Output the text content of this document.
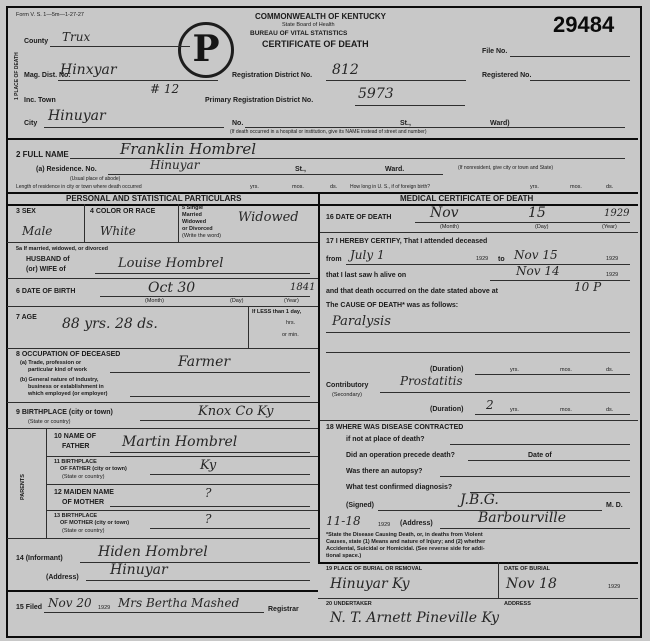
Form V. S. 1—5m—1-27-27	29484
COMMONWEALTH OF KENTUCKY
State Board of Health
BUREAU OF VITAL STATISTICS
CERTIFICATE OF DEATH
P
1 PLACE OF DEATH
County Trux
File No.
Mag. Dist. No.
Hinxyar	Registration District No. 812	Registered No.
Inc. Town
# 12
Primary Registration District No.	5973
City Hinuyar	No.	St.,	Ward)
(If death occurred in a hospital or institution, give its NAME instead of street and number)
2 FULL NAME	Franklin Hombrel
(a) Residence. No.	Hinuyar	St.,	Ward.	(If nonresident, give city or town and State)
(Usual place of abode)
Length of residence in city or town where death occurred	yrs.	mos.	ds.	How long in U. S., if of foreign birth?	yrs.	mos.	ds.
PERSONAL AND STATISTICAL PARTICULARS	MEDICAL CERTIFICATE OF DEATH
3 SEX
Male
4 COLOR OR RACE
White
5 Single
Married
Widowed
or Divorced
(Write the word)
Widowed
5a If married, widowed, or divorced
HUSBAND of
(or) WIFE of	Louise Hombrel
6 DATE OF BIRTH	Oct 30	1841
(Month)	(Day)	(Year)
7 AGE 88 yrs. 28 ds.
If LESS than 1 day,
hrs.
or min.
8 OCCUPATION OF DECEASED
(a) Trade, profession or
particular kind of work	Farmer
(b) General nature of industry,
business or establishment in
which employed (or employer)
9 BIRTHPLACE (city or town)
(State or country)
Knox Co Ky
PARENTS
10 NAME OF
FATHER Martin Hombrel
11 BIRTHPLACE
OF FATHER (city or town)
(State or country)
Ky
12 MAIDEN NAME
OF MOTHER
?
13 BIRTHPLACE
OF MOTHER (city or town)
(State or country)
?
14 (Informant)	Hiden Hombrel
(Address) Hinuyar
15 Filed Nov 20 1929 Mrs Bertha Mashed	Registrar
16 DATE OF DEATH	Nov	15	1929
(Month)	(Day)	(Year)
17 I HEREBY CERTIFY, That I attended deceased
from July 1	1929 to Nov 15	1929
that I last saw h alive on	Nov 14	1929
and that death occurred on the date stated above at	10 P
The CAUSE OF DEATH* was as follows:
Paralysis
(Duration)	yrs.	mos.	ds.
Contributory
(Secondary)
Prostatitis
(Duration) 2	yrs.	mos.	ds.
18 WHERE WAS DISEASE CONTRACTED
if not at place of death?
Did an operation precede death?	Date of
Was there an autopsy?
What test confirmed diagnosis?
(Signed)	J.B.G.	M. D.
11-18	1929 (Address)	Barbourville
*State the Disease Causing Death, or, in deaths from Violent
Causes, state (1) Means and nature of Injury; and (2) whether
Accidental, Suicidal or Homicidal. (See reverse side for addi-
tional space.)
19 PLACE OF BURIAL OR REMOVAL	DATE OF BURIAL
Hinuyar Ky	Nov 18	1929
20 UNDERTAKER	ADDRESS
N. T. Arnett Pineville Ky
